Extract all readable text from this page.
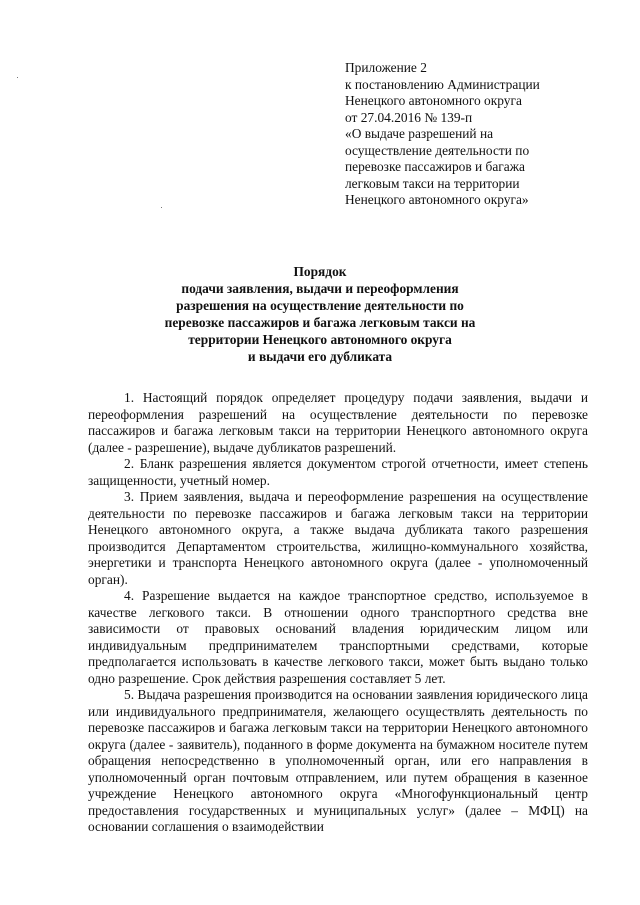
Приложение 2
к постановлению Администрации
Ненецкого автономного округа
от 27.04.2016 № 139-п
«О выдаче разрешений на
осуществление деятельности по
перевозке пассажиров и багажа
легковым такси на территории
Ненецкого автономного округа»
Порядок
подачи заявления, выдачи и переоформления
разрешения на осуществление деятельности по
перевозке пассажиров и багажа легковым такси на
территории Ненецкого автономного округа
и выдачи его дубликата

1. Настоящий порядок определяет процедуру подачи заявления, выдачи и переоформления разрешений на осуществление деятельности по перевозке пассажиров и багажа легковым такси на территории Ненецкого автономного округа (далее - разрешение), выдаче дубликатов разрешений.

2. Бланк разрешения является документом строгой отчетности, имеет степень защищенности, учетный номер.

3. Прием заявления, выдача и переоформление разрешения на осуществление деятельности по перевозке пассажиров и багажа легковым такси на территории Ненецкого автономного округа, а также выдача дубликата такого разрешения производится Департаментом строительства, жилищно-коммунального хозяйства, энергетики и транспорта Ненецкого автономного округа (далее - уполномоченный орган).

4. Разрешение выдается на каждое транспортное средство, используемое в качестве легкового такси. В отношении одного транспортного средства вне зависимости от правовых оснований владения юридическим лицом или индивидуальным предпринимателем транспортными средствами, которые предполагается использовать в качестве легкового такси, может быть выдано только одно разрешение. Срок действия разрешения составляет 5 лет.

5. Выдача разрешения производится на основании заявления юридического лица или индивидуального предпринимателя, желающего осуществлять деятельность по перевозке пассажиров и багажа легковым такси на территории Ненецкого автономного округа (далее - заявитель), поданного в форме документа на бумажном носителе путем обращения непосредственно в уполномоченный орган, или его направления в уполномоченный орган почтовым отправлением, или путем обращения в казенное учреждение Ненецкого автономного округа «Многофункциональный центр предоставления государственных и муниципальных услуг» (далее – МФЦ) на основании соглашения о взаимодействии
